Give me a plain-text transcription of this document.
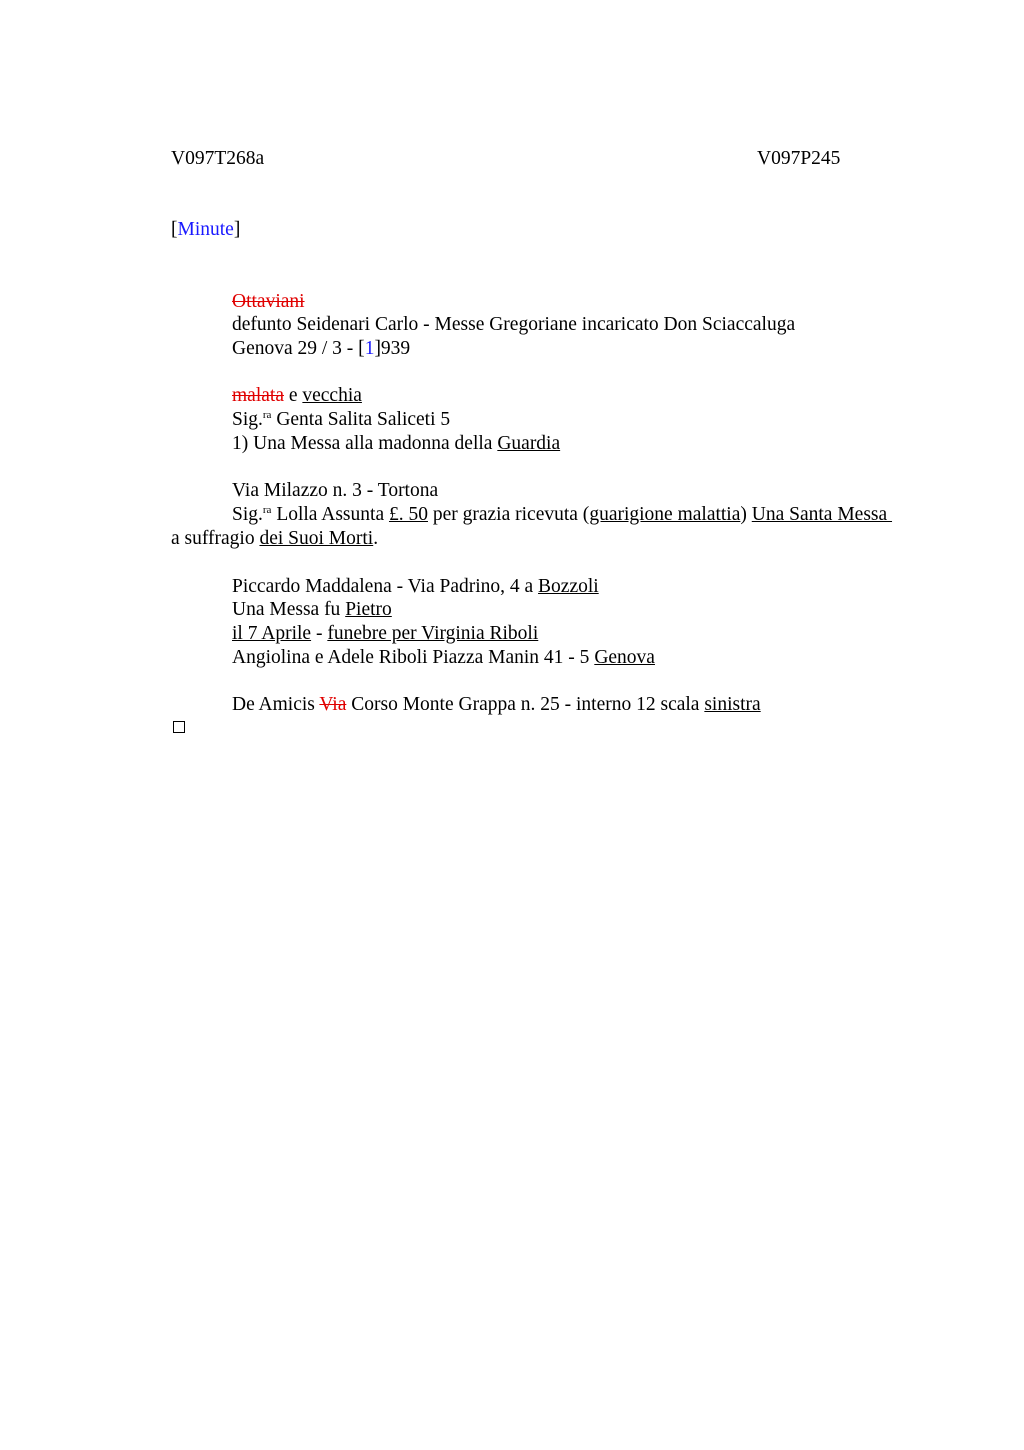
V097T268a	V097P245
[Minute]
Ottaviani
defunto Seidenari Carlo - Messe Gregoriane incaricato Don Sciaccaluga
Genova 29 / 3 - [1]939
malata e vecchia
Sig.$^{ra}$ Genta Salita Saliceti 5
1) Una Messa alla madonna della Guardia
Via Milazzo n. 3 - Tortona
Sig.$^{ra}$ Lolla Assunta £. 50 per grazia ricevuta (guarigione malattia) Una Santa Messa
a suffragio dei Suoi Morti.
Piccardo Maddalena - Via Padrino, 4 a Bozzoli
Una Messa fu Pietro
il 7 Aprile - funebre per Virginia Riboli
Angiolina e Adele Riboli Piazza Manin 41 - 5 Genova
De Amicis Via Corso Monte Grappa n. 25 - interno 12 scala sinistra
